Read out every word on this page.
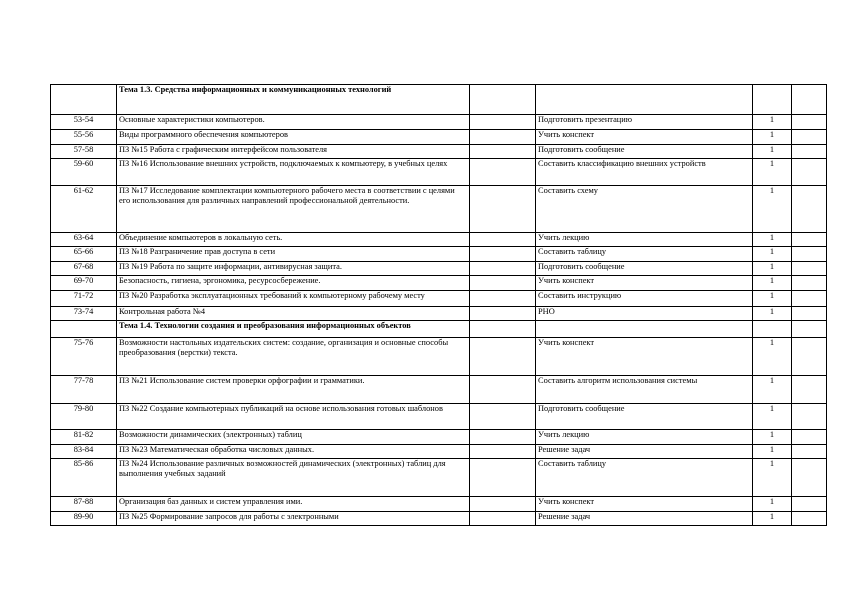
	Тема 1.3. Средства информационных и коммуникационных технологий				
53-54	Основные характеристики компьютеров.		Подготовить презентацию	1	
55-56	Виды программного обеспечения компьютеров		Учить конспект	1	
57-58	ПЗ №15 Работа с графическим интерфейсом пользователя		Подготовить сообщение	1	
59-60	ПЗ №16 Использование внешних устройств, подключаемых к компьютеру, в учебных целях		Составить классификацию внешних устройств	1	
61-62	ПЗ №17 Исследование комплектации компьютерного рабочего места в соответствии с целями его использования для различных направлений профессиональной деятельности.		Составить схему	1	
63-64	Объединение компьютеров в локальную сеть.		Учить лекцию	1	
65-66	ПЗ №18 Разграничение прав доступа в сети		Составить таблицу	1	
67-68	ПЗ №19 Работа по защите информации, антивирусная защита.		Подготовить сообщение	1	
69-70	Безопасность, гигиена, эргономика, ресурсосбережение.		Учить конспект	1	
71-72	ПЗ №20 Разработка эксплуатационных требований к компьютерному рабочему месту		Составить инструкцию	1	
73-74	Контрольная работа №4		РНО	1	
	Тема 1.4. Технологии создания и преобразования информационных объектов				
75-76	Возможности настольных издательских систем: создание, организация и основные способы преобразования (верстки) текста.		Учить конспект	1	
77-78	ПЗ №21 Использование систем проверки орфографии и грамматики.		Составить алгоритм использования системы	1	
79-80	ПЗ №22 Создание компьютерных публикаций на основе использования готовых шаблонов		Подготовить сообщение	1	
81-82	Возможности динамических (электронных) таблиц		Учить лекцию	1	
83-84	ПЗ №23 Математическая обработка числовых данных.		Решение задач	1	
85-86	ПЗ №24 Использование различных возможностей динамических (электронных) таблиц для выполнения учебных заданий		Составить таблицу	1	
87-88	Организация баз данных и систем управления ими.		Учить конспект	1	
89-90	ПЗ №25 Формирование запросов для работы с электронными		Решение задач	1	
